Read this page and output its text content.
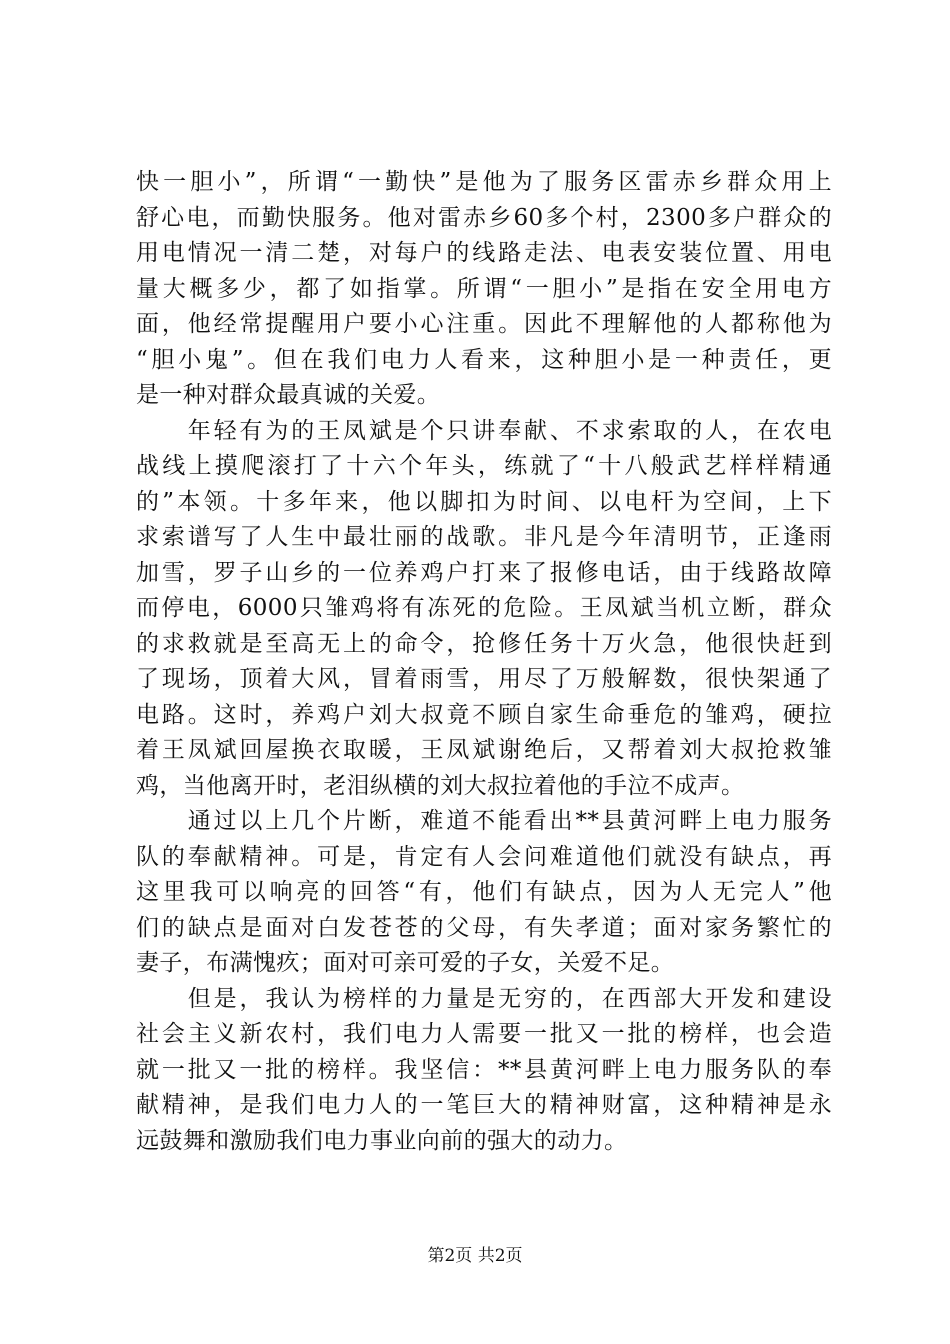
快一胆小”，所谓“一勤快”是他为了服务区雷赤乡群众用上
舒心电，而勤快服务。他对雷赤乡60多个村，2300多户群众的
用电情况一清二楚，对每户的线路走法、电表安装位置、用电
量大概多少，都了如指掌。所谓“一胆小”是指在安全用电方
面，他经常提醒用户要小心注重。因此不理解他的人都称他为
“胆小鬼”。但在我们电力人看来，这种胆小是一种责任，更
是一种对群众最真诚的关爱。
　　年轻有为的王凤斌是个只讲奉献、不求索取的人，在农电
战线上摸爬滚打了十六个年头，练就了“十八般武艺样样精通
的”本领。十多年来，他以脚扣为时间、以电杆为空间，上下
求索谱写了人生中最壮丽的战歌。非凡是今年清明节，正逢雨
加雪，罗子山乡的一位养鸡户打来了报修电话，由于线路故障
而停电，6000只雏鸡将有冻死的危险。王凤斌当机立断，群众
的求救就是至高无上的命令，抢修任务十万火急，他很快赶到
了现场，顶着大风，冒着雨雪，用尽了万般解数，很快架通了
电路。这时，养鸡户刘大叔竟不顾自家生命垂危的雏鸡，硬拉
着王凤斌回屋换衣取暖，王凤斌谢绝后，又帮着刘大叔抢救雏
鸡，当他离开时，老泪纵横的刘大叔拉着他的手泣不成声。
　　通过以上几个片断，难道不能看出**县黄河畔上电力服务
队的奉献精神。可是，肯定有人会问难道他们就没有缺点，再
这里我可以响亮的回答“有，他们有缺点，因为人无完人”他
们的缺点是面对白发苍苍的父母，有失孝道；面对家务繁忙的
妻子，布满愧疚；面对可亲可爱的子女，关爱不足。
　　但是，我认为榜样的力量是无穷的，在西部大开发和建设
社会主义新农村，我们电力人需要一批又一批的榜样，也会造
就一批又一批的榜样。我坚信：**县黄河畔上电力服务队的奉
献精神，是我们电力人的一笔巨大的精神财富，这种精神是永
远鼓舞和激励我们电力事业向前的强大的动力。
第2页 共2页
